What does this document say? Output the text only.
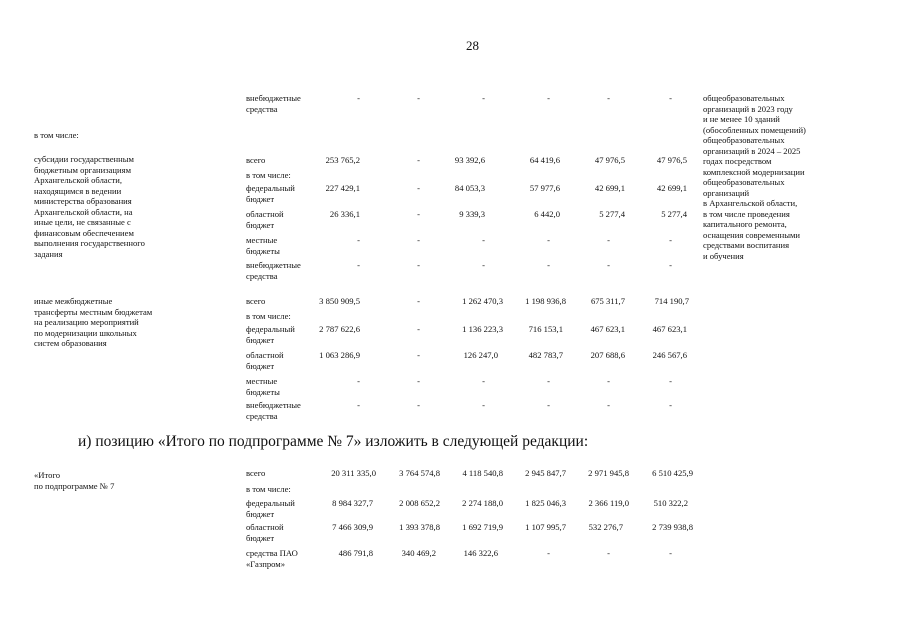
28
внебюджетные
средства
-	-	-	-	-	-
в том числе:
общеобразовательных
организаций в 2023 году
и не менее 10 зданий
(обособленных помещений)
общеобразовательных
организаций в 2024 – 2025
годах посредством
комплексной модернизации
общеобразовательных
организаций
в Архангельской области,
в том числе проведения
капитального ремонта,
оснащения современными
средствами воспитания
и обучения
субсидии государственным
бюджетным организациям
Архангельской области,
находящимся в ведении
министерства образования
Архангельской области, на
иные цели, не связанные с
финансовым обеспечением
выполнения государственного
задания
всего	253 765,2	-	93 392,6	64 419,6	47 976,5	47 976,5
в том числе:
федеральный
бюджет
227 429,1	-	84 053,3	57 977,6	42 699,1	42 699,1
областной
бюджет
26 336,1	-	9 339,3	6 442,0	5 277,4	5 277,4
местные
бюджеты
-	-	-	-	-	-
внебюджетные
средства
-	-	-	-	-	-
иные межбюджетные
трансферты местным бюджетам
на реализацию мероприятий
по модернизации школьных
систем образования
всего	3 850 909,5	-	1 262 470,3	1 198 936,8	675 311,7	714 190,7
в том числе:
федеральный
бюджет
2 787 622,6	-	1 136 223,3	716 153,1	467 623,1	467 623,1
областной
бюджет
1 063 286,9	-	126 247,0	482 783,7	207 688,6	246 567,6
местные
бюджеты
-	-	-	-	-	-
внебюджетные
средства
-	-	-	-	-	-
и) позицию «Итого по подпрограмме № 7» изложить в следующей редакции:
«Итого
по подпрограмме № 7
всего	20 311 335,0	3 764 574,8	4 118 540,8	2 945 847,7	2 971 945,8	6 510 425,9
в том числе:
федеральный
бюджет
8 984 327,7	2 008 652,2	2 274 188,0	1 825 046,3	2 366 119,0	510 322,2
областной
бюджет
7 466 309,9	1 393 378,8	1 692 719,9	1 107 995,7	532 276,7	2 739 938,8
средства ПАО
«Газпром»
486 791,8	340 469,2	146 322,6	-	-	-
